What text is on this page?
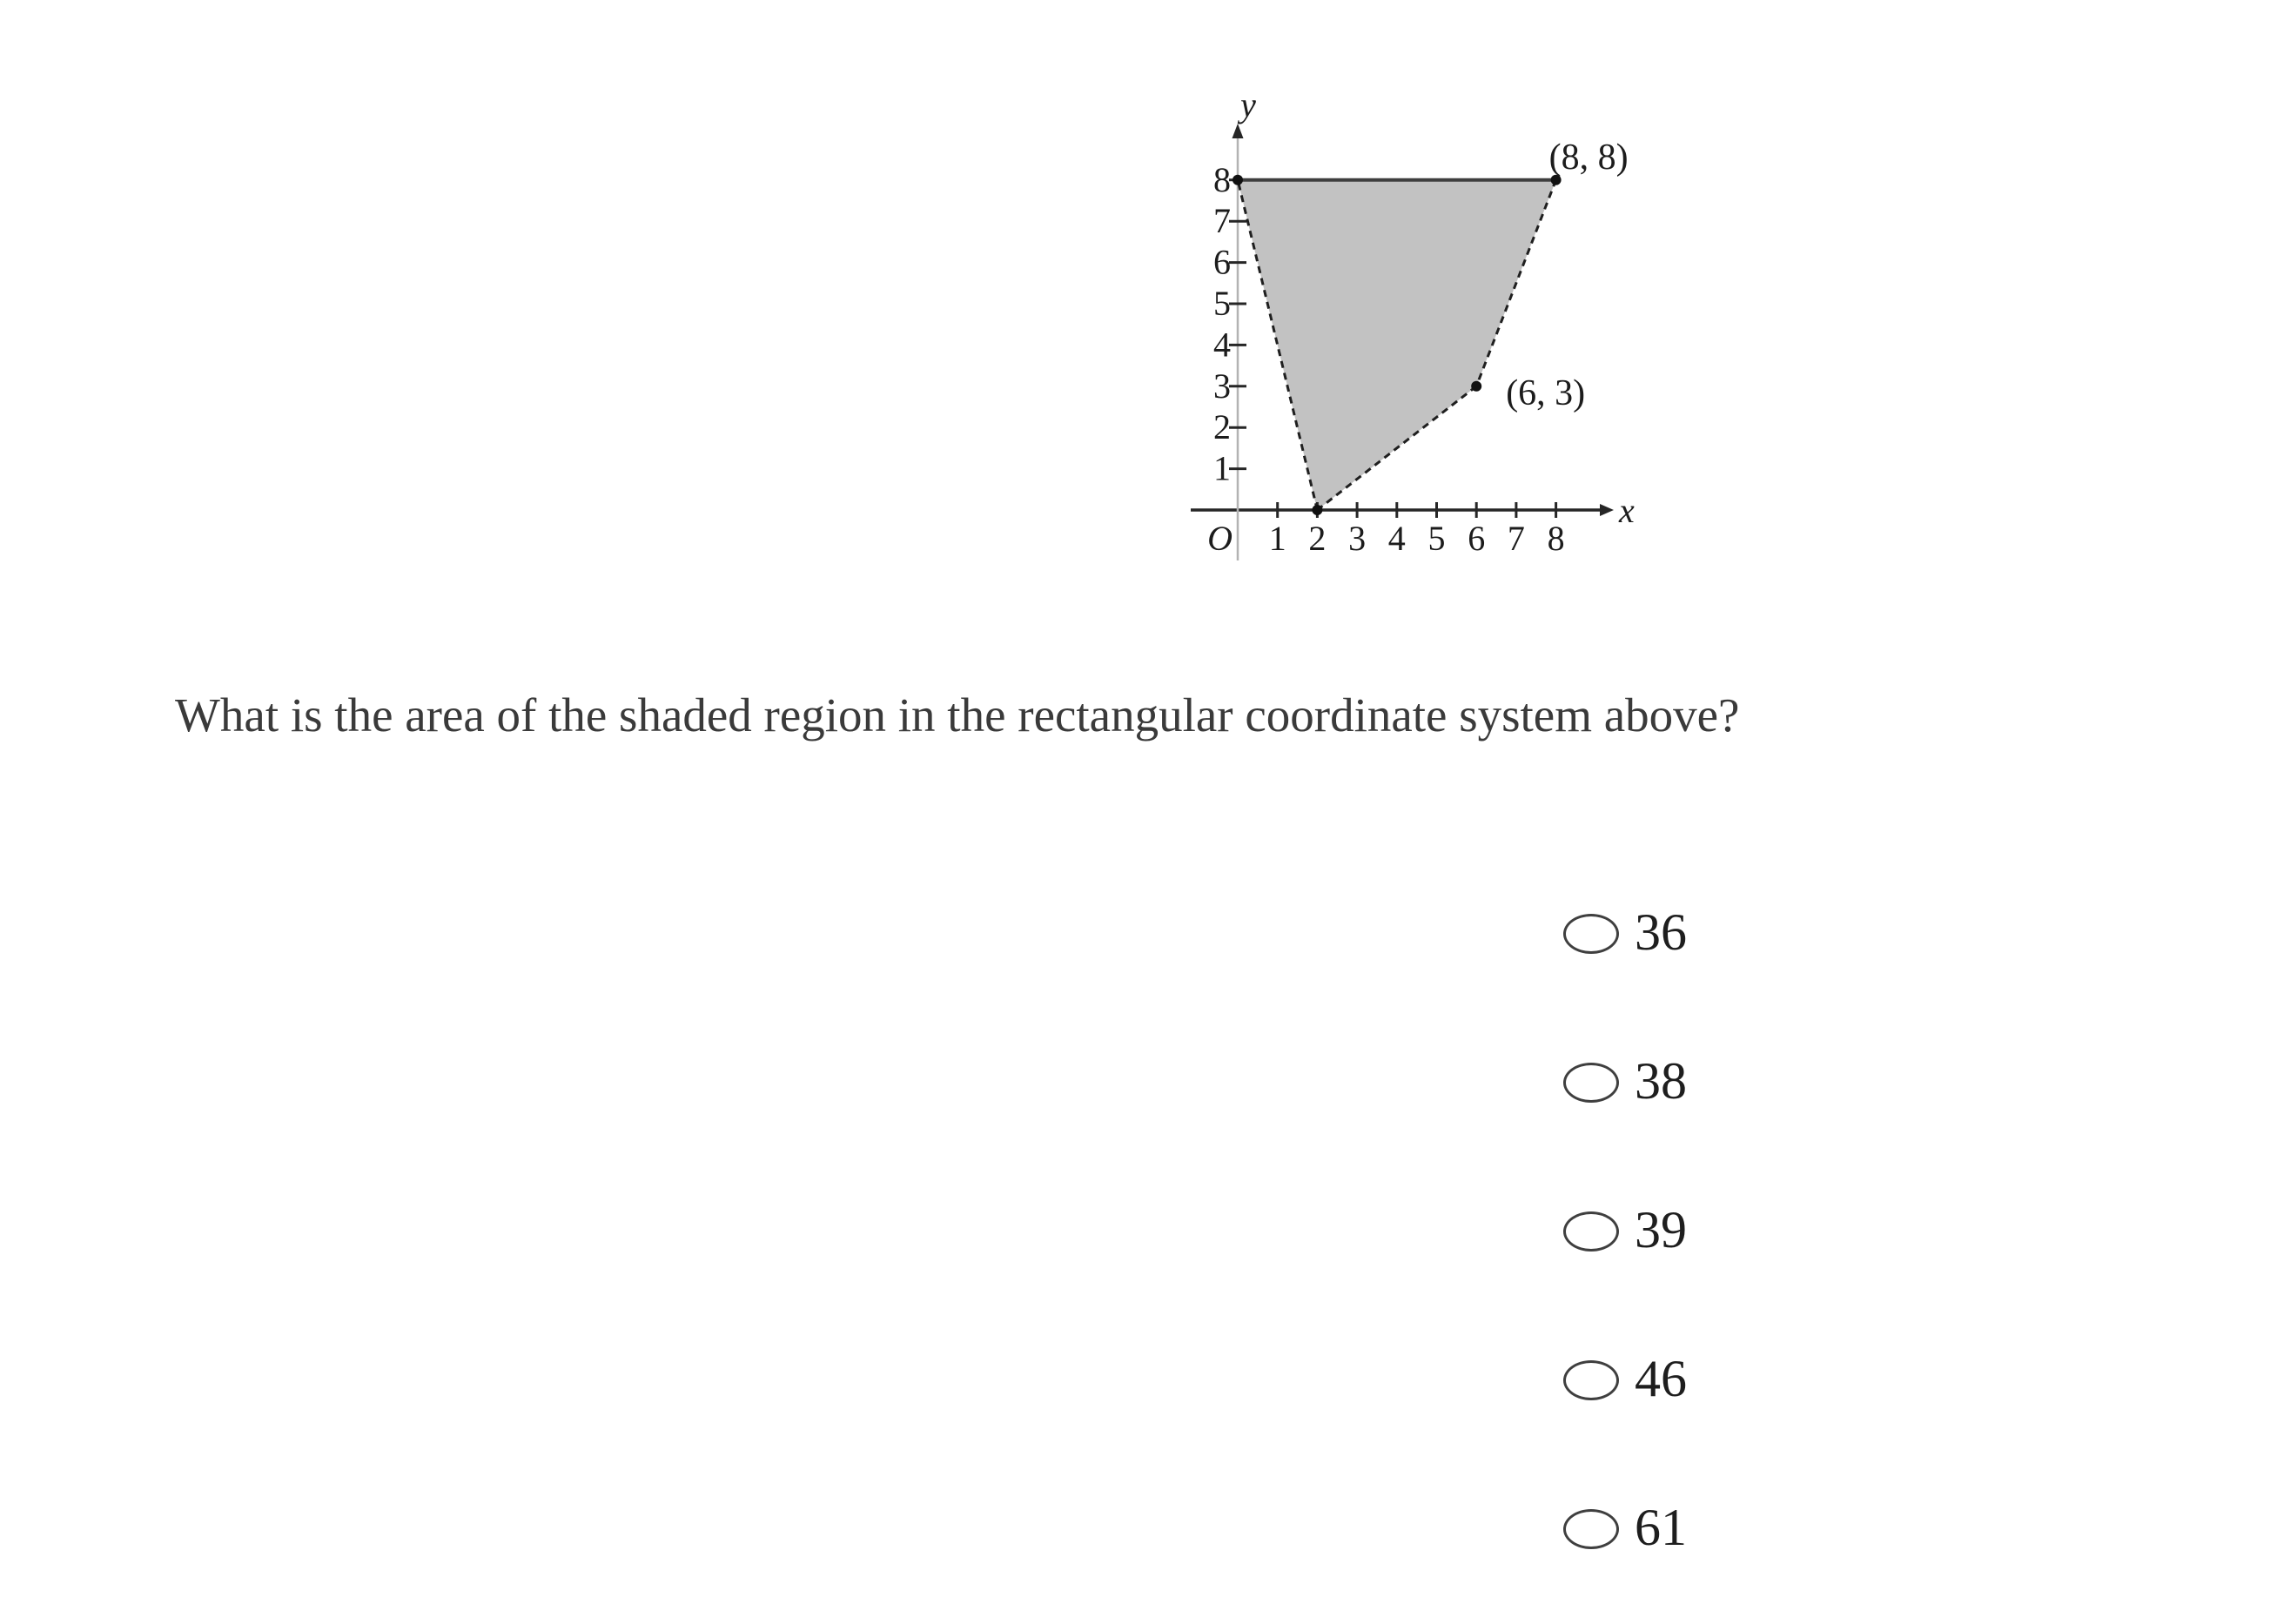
x
y
O 1 2 3 4 5 6 7 8
1
2
3
4
5
6
7
8
(8, 8)
(6, 3)

What is the area of the shaded region in the rectangular coordinate system above?

36
38
39
46
61
